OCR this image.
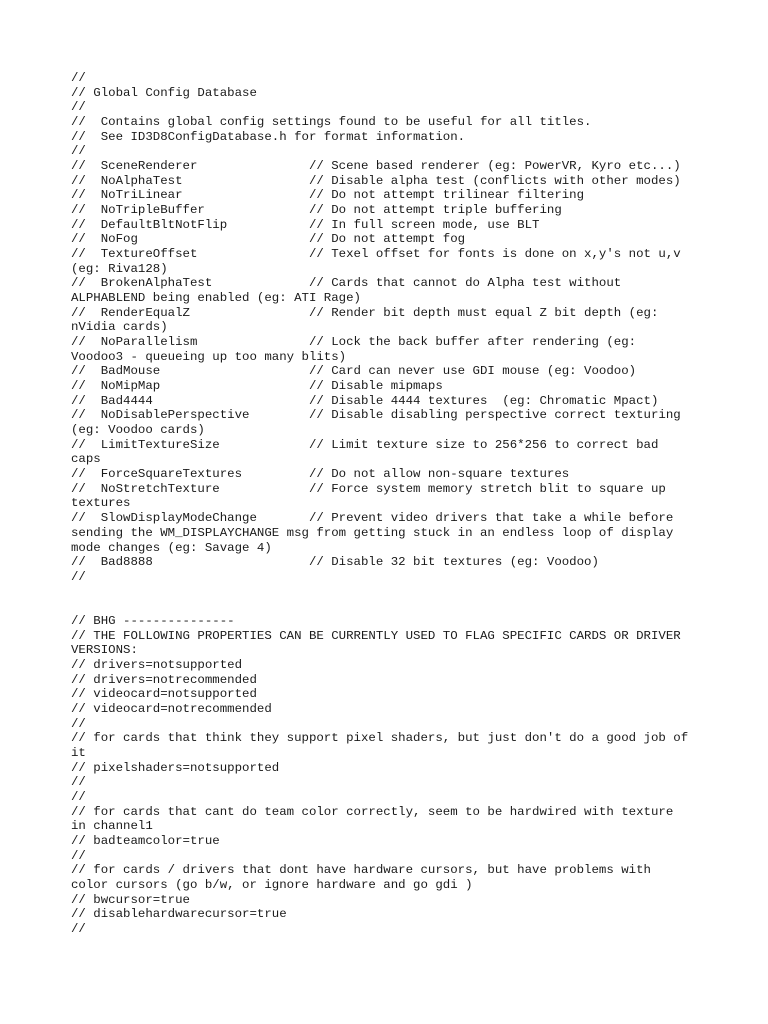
//
// Global Config Database
//
//  Contains global config settings found to be useful for all titles.
//  See ID3D8ConfigDatabase.h for format information.
//
//  SceneRenderer               // Scene based renderer (eg: PowerVR, Kyro etc...)
//  NoAlphaTest                 // Disable alpha test (conflicts with other modes)
//  NoTriLinear                 // Do not attempt trilinear filtering
//  NoTripleBuffer              // Do not attempt triple buffering
//  DefaultBltNotFlip           // In full screen mode, use BLT
//  NoFog                       // Do not attempt fog
//  TextureOffset               // Texel offset for fonts is done on x,y's not u,v
(eg: Riva128)
//  BrokenAlphaTest             // Cards that cannot do Alpha test without
ALPHABLEND being enabled (eg: ATI Rage)
//  RenderEqualZ                // Render bit depth must equal Z bit depth (eg:
nVidia cards)
//  NoParallelism               // Lock the back buffer after rendering (eg:
Voodoo3 - queueing up too many blits)
//  BadMouse                    // Card can never use GDI mouse (eg: Voodoo)
//  NoMipMap                    // Disable mipmaps
//  Bad4444                     // Disable 4444 textures  (eg: Chromatic Mpact)
//  NoDisablePerspective        // Disable disabling perspective correct texturing
(eg: Voodoo cards)
//  LimitTextureSize            // Limit texture size to 256*256 to correct bad
caps
//  ForceSquareTextures         // Do not allow non-square textures
//  NoStretchTexture            // Force system memory stretch blit to square up
textures
//  SlowDisplayModeChange       // Prevent video drivers that take a while before
sending the WM_DISPLAYCHANGE msg from getting stuck in an endless loop of display
mode changes (eg: Savage 4)
//  Bad8888                     // Disable 32 bit textures (eg: Voodoo)
//
// BHG ---------------
// THE FOLLOWING PROPERTIES CAN BE CURRENTLY USED TO FLAG SPECIFIC CARDS OR DRIVER
VERSIONS:
// drivers=notsupported
// drivers=notrecommended
// videocard=notsupported
// videocard=notrecommended
//
// for cards that think they support pixel shaders, but just don't do a good job of
it
// pixelshaders=notsupported
//
//
// for cards that cant do team color correctly, seem to be hardwired with texture
in channel1
// badteamcolor=true
//
// for cards / drivers that dont have hardware cursors, but have problems with
color cursors (go b/w, or ignore hardware and go gdi )
// bwcursor=true
// disablehardwarecursor=true
//
